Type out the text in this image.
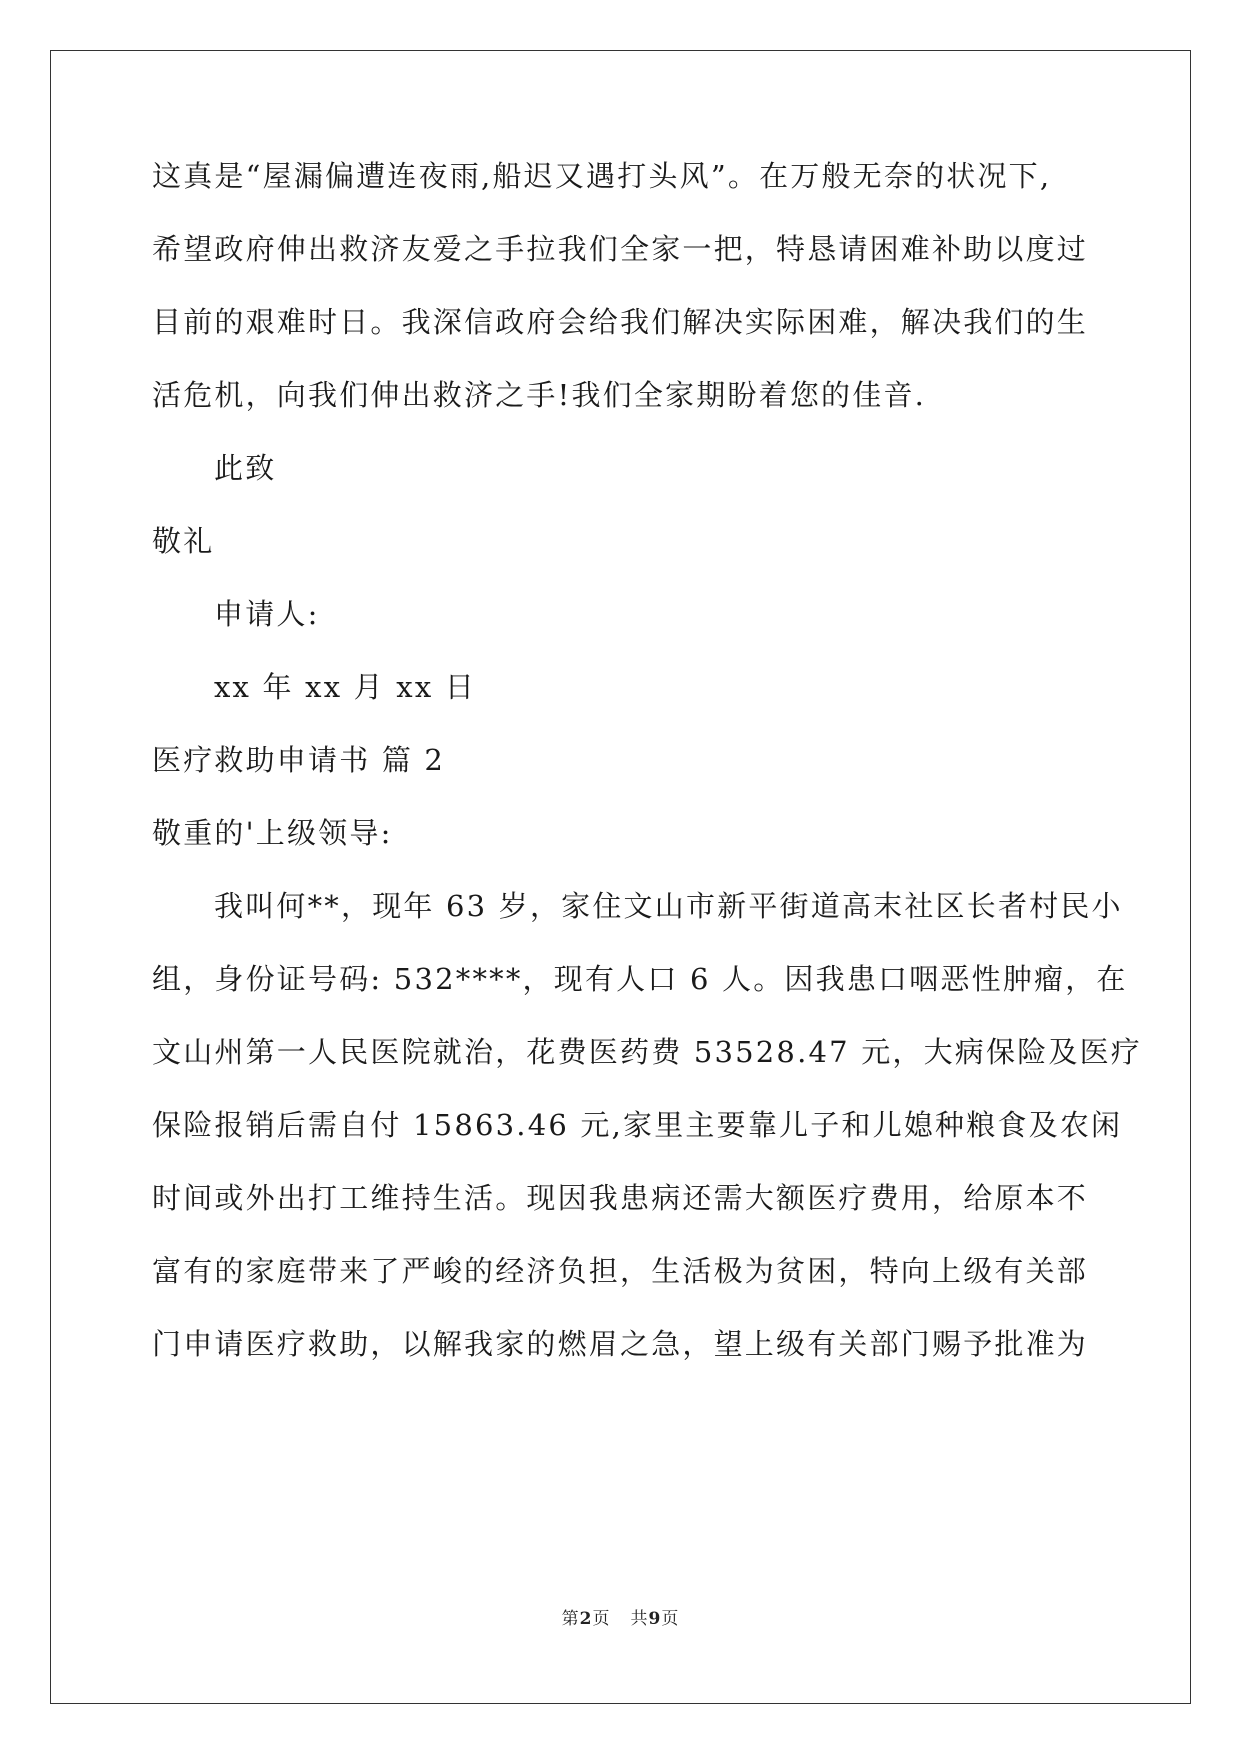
这真是“屋漏偏遭连夜雨,船迟又遇打头风”。在万般无奈的状况下,
希望政府伸出救济友爱之手拉我们全家一把，特恳请困难补助以度过
目前的艰难时日。我深信政府会给我们解决实际困难，解决我们的生
活危机，向我们伸出救济之手!我们全家期盼着您的佳音.
此致
敬礼
申请人:
xx 年 xx 月 xx 日
医疗救助申请书 篇 2
敬重的'上级领导:
我叫何**，现年 63 岁，家住文山市新平街道高末社区长者村民小
组，身份证号码: 532****，现有人口 6 人。因我患口咽恶性肿瘤，在
文山州第一人民医院就治，花费医药费 53528.47 元，大病保险及医疗
保险报销后需自付 15863.46 元,家里主要靠儿子和儿媳种粮食及农闲
时间或外出打工维持生活。现因我患病还需大额医疗费用，给原本不
富有的家庭带来了严峻的经济负担，生活极为贫困，特向上级有关部
门申请医疗救助，以解我家的燃眉之急，望上级有关部门赐予批准为
第2页 共9页
